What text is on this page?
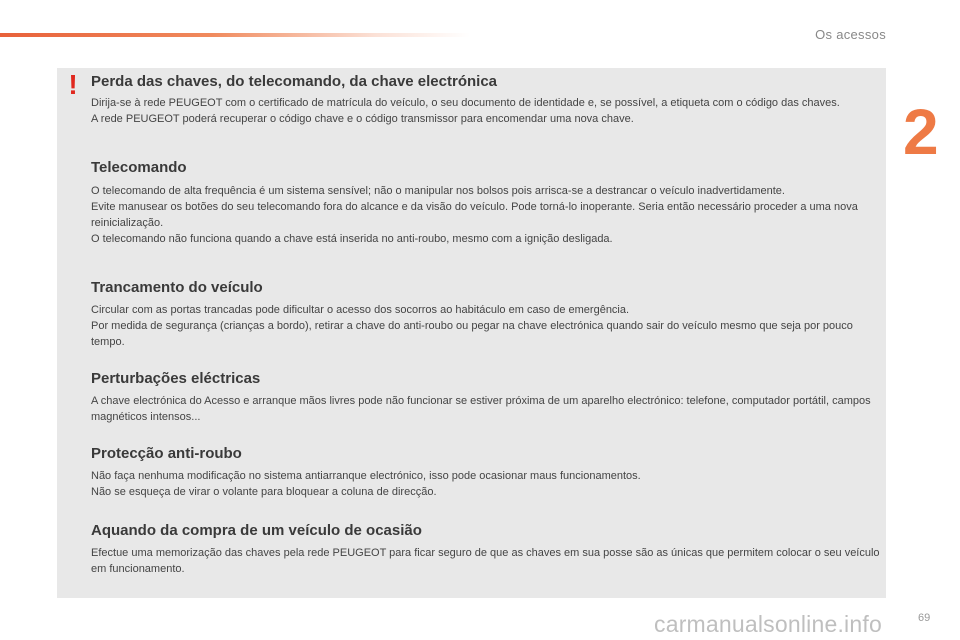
Os acessos
2
! Perda das chaves, do telecomando, da chave electrónica

Dirija-se à rede PEUGEOT com o certificado de matrícula do veículo, o seu documento de identidade e, se possível, a etiqueta com o código das chaves.

A rede PEUGEOT poderá recuperar o código chave e o código transmissor para encomendar uma nova chave.

Telecomando

O telecomando de alta frequência é um sistema sensível; não o manipular nos bolsos pois arrisca-se a destrancar o veículo inadvertidamente.

Evite manusear os botões do seu telecomando fora do alcance e da visão do veículo. Pode torná-lo inoperante. Seria então necessário proceder a uma nova reinicialização.

O telecomando não funciona quando a chave está inserida no anti-roubo, mesmo com a ignição desligada.

Trancamento do veículo

Circular com as portas trancadas pode dificultar o acesso dos socorros ao habitáculo em caso de emergência.

Por medida de segurança (crianças a bordo), retirar a chave do anti-roubo ou pegar na chave electrónica quando sair do veículo mesmo que seja por pouco tempo.

Perturbações eléctricas

A chave electrónica do Acesso e arranque mãos livres pode não funcionar se estiver próxima de um aparelho electrónico: telefone, computador portátil, campos magnéticos intensos...

Protecção anti-roubo

Não faça nenhuma modificação no sistema antiarranque electrónico, isso pode ocasionar maus funcionamentos.

Não se esqueça de virar o volante para bloquear a coluna de direcção.

Aquando da compra de um veículo de ocasião

Efectue uma memorização das chaves pela rede PEUGEOT para ficar seguro de que as chaves em sua posse são as únicas que permitem colocar o seu veículo em funcionamento.

carmanualsonline.info	69
